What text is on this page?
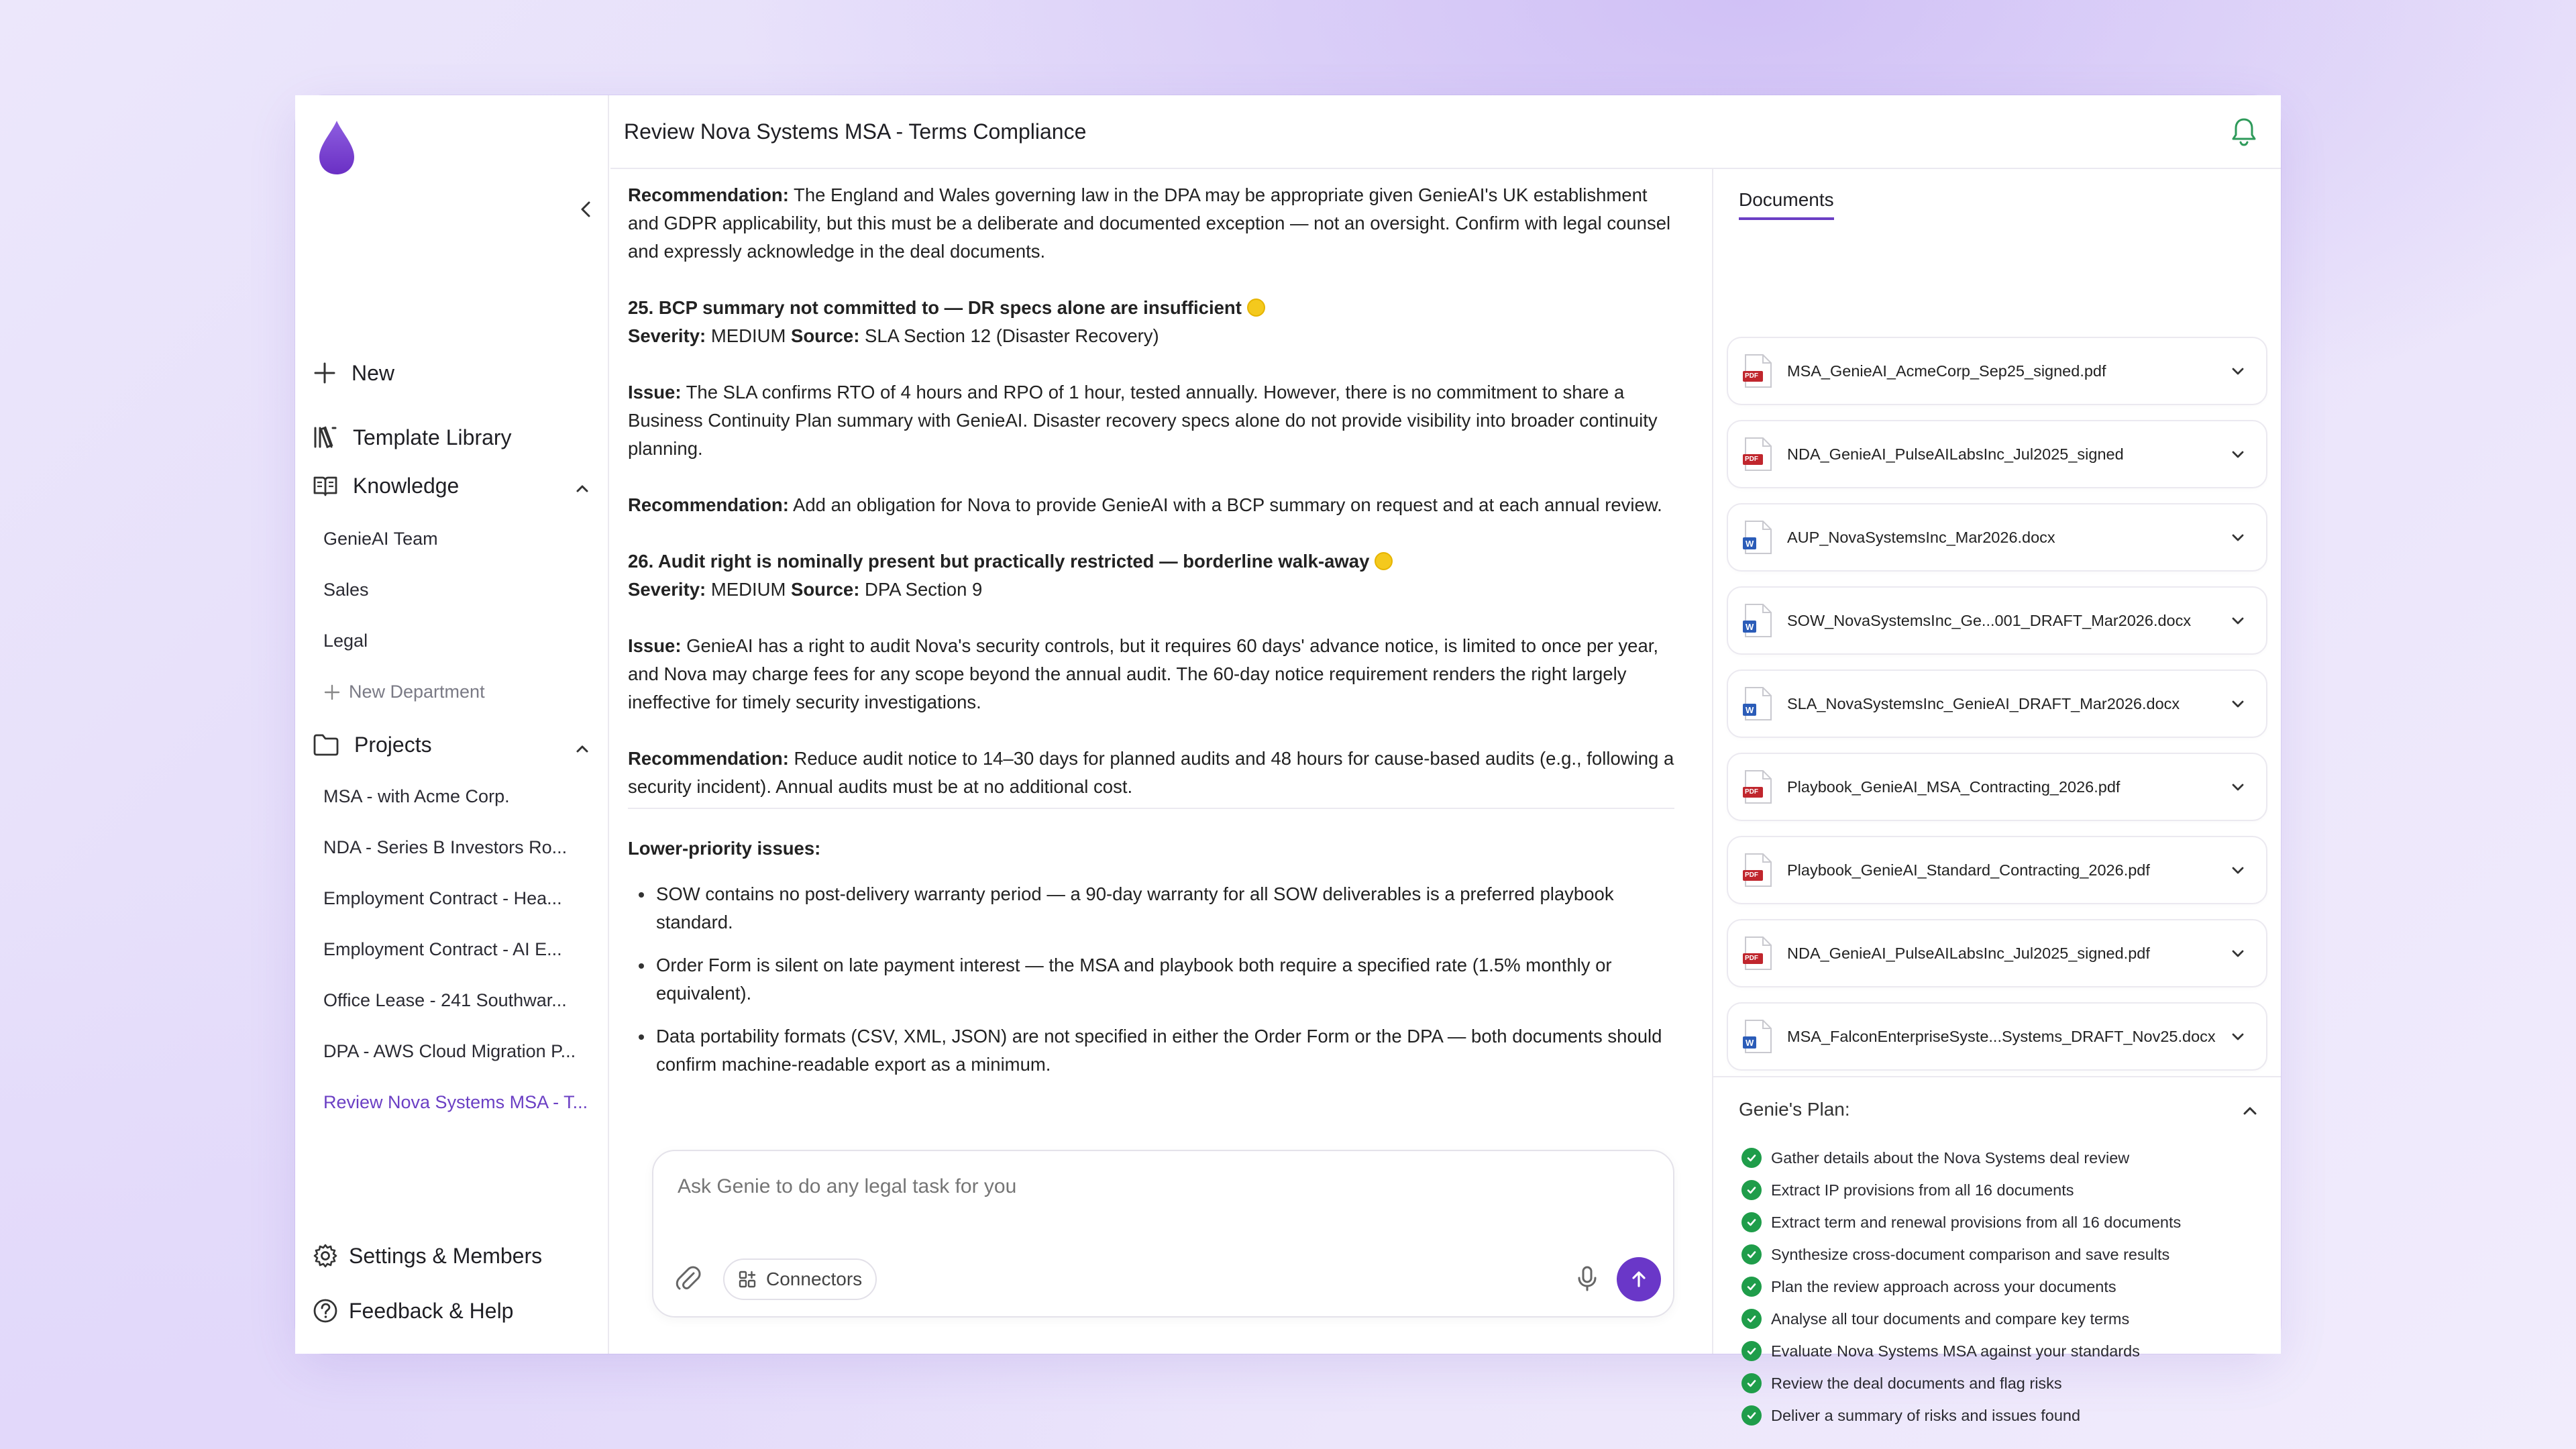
New
Template Library
Knowledge
GenieAI Team
Sales
Legal
New Department
Projects
MSA - with Acme Corp.
NDA - Series B Investors Ro...
Employment Contract - Hea...
Employment Contract - AI E...
Office Lease - 241 Southwar...
DPA - AWS Cloud Migration P...
Review Nova Systems MSA - T...
Settings & Members
Feedback & Help
Review Nova Systems MSA - Terms Compliance

Recommendation: The England and Wales governing law in the DPA may be appropriate given GenieAI's UK establishment and GDPR applicability, but this must be a deliberate and documented exception — not an oversight. Confirm with legal counsel and expressly acknowledge in the deal documents.

25. BCP summary not committed to — DR specs alone are insufficient
Severity: MEDIUM Source: SLA Section 12 (Disaster Recovery)

Issue: The SLA confirms RTO of 4 hours and RPO of 1 hour, tested annually. However, there is no commitment to share a Business Continuity Plan summary with GenieAI. Disaster recovery specs alone do not provide visibility into broader continuity planning.

Recommendation: Add an obligation for Nova to provide GenieAI with a BCP summary on request and at each annual review.

26. Audit right is nominally present but practically restricted — borderline walk-away
Severity: MEDIUM Source: DPA Section 9

Issue: GenieAI has a right to audit Nova's security controls, but it requires 60 days' advance notice, is limited to once per year, and Nova may charge fees for any scope beyond the annual audit. The 60-day notice requirement renders the right largely ineffective for timely security investigations.

Recommendation: Reduce audit notice to 14–30 days for planned audits and 48 hours for cause-based audits (e.g., following a security incident). Annual audits must be at no additional cost.

Lower-priority issues:

SOW contains no post-delivery warranty period — a 90-day warranty for all SOW deliverables is a preferred playbook standard.
Order Form is silent on late payment interest — the MSA and playbook both require a specified rate (1.5% monthly or equivalent).
Data portability formats (CSV, XML, JSON) are not specified in either the Order Form or the DPA — both documents should confirm machine-readable export as a minimum.
Ask Genie to do any legal task for you
Connectors
Documents
PDF MSA_GenieAI_AcmeCorp_Sep25_signed.pdf
PDF NDA_GenieAI_PulseAILabsInc_Jul2025_signed
W AUP_NovaSystemsInc_Mar2026.docx
W SOW_NovaSystemsInc_Ge...001_DRAFT_Mar2026.docx
W SLA_NovaSystemsInc_GenieAI_DRAFT_Mar2026.docx
PDF Playbook_GenieAI_MSA_Contracting_2026.pdf
PDF Playbook_GenieAI_Standard_Contracting_2026.pdf
PDF NDA_GenieAI_PulseAILabsInc_Jul2025_signed.pdf
W MSA_FalconEnterpriseSyste...Systems_DRAFT_Nov25.docx
Genie's Plan:
Gather details about the Nova Systems deal review
Extract IP provisions from all 16 documents
Extract term and renewal provisions from all 16 documents
Synthesize cross-document comparison and save results
Plan the review approach across your documents
Analyse all tour documents and compare key terms
Evaluate Nova Systems MSA against your standards
Review the deal documents and flag risks
Deliver a summary of risks and issues found
